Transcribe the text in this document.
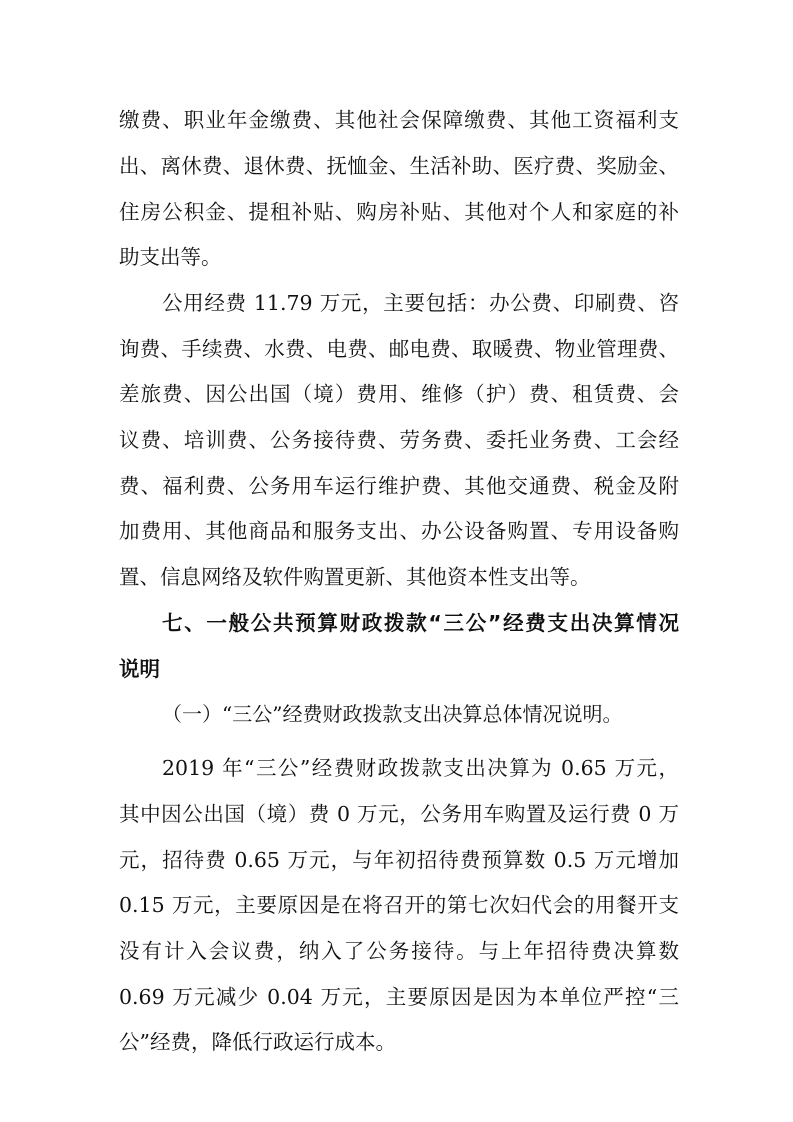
缴费、职业年金缴费、其他社会保障缴费、其他工资福利支
出、离休费、退休费、抚恤金、生活补助、医疗费、奖励金、
住房公积金、提租补贴、购房补贴、其他对个人和家庭的补
助支出等。
公用经费 11.79 万元，主要包括：办公费、印刷费、咨
询费、手续费、水费、电费、邮电费、取暖费、物业管理费、
差旅费、因公出国（境）费用、维修（护）费、租赁费、会
议费、培训费、公务接待费、劳务费、委托业务费、工会经
费、福利费、公务用车运行维护费、其他交通费、税金及附
加费用、其他商品和服务支出、办公设备购置、专用设备购
置、信息网络及软件购置更新、其他资本性支出等。
七、一般公共预算财政拨款“三公”经费支出决算情况
说明
（一）“三公”经费财政拨款支出决算总体情况说明。
2019 年“三公”经费财政拨款支出决算为 0.65 万元，
其中因公出国（境）费 0 万元，公务用车购置及运行费 0 万
元，招待费 0.65 万元，与年初招待费预算数 0.5 万元增加
0.15 万元，主要原因是在将召开的第七次妇代会的用餐开支
没有计入会议费，纳入了公务接待。与上年招待费决算数
0.69 万元减少 0.04 万元，主要原因是因为本单位严控“三
公”经费，降低行政运行成本。
